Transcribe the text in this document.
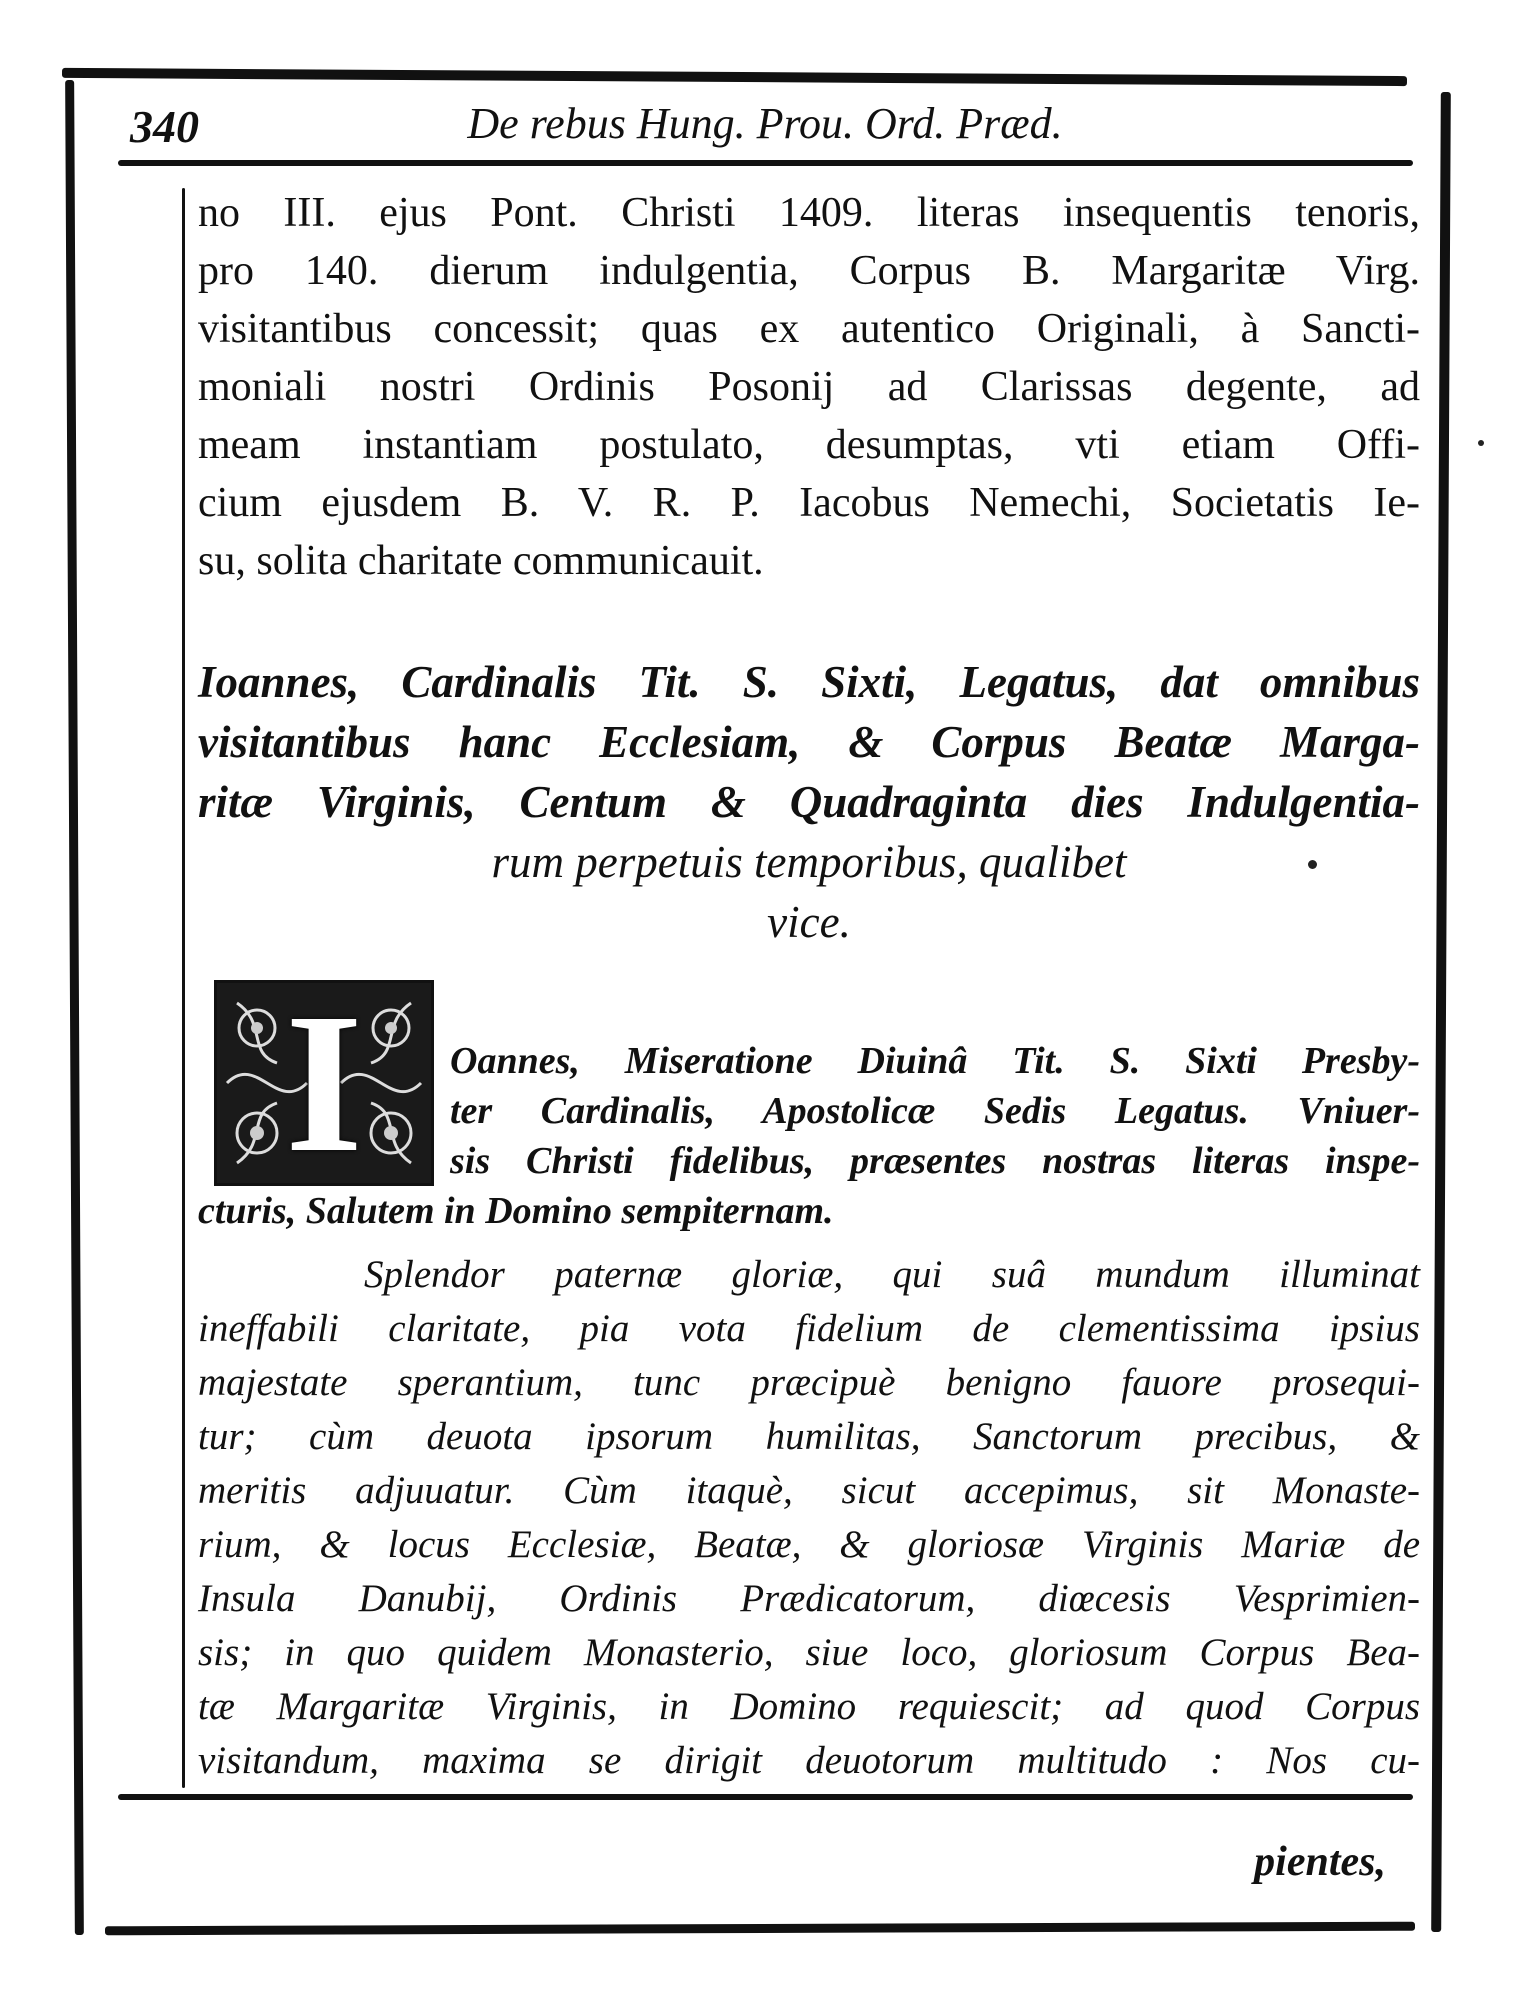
340	De rebus Hung. Prou. Ord. Præd.
no III. ejus Pont. Christi 1409. literas insequentis tenoris,
pro 140. dierum indulgentia, Corpus B. Margaritæ Virg.
visitantibus concessit; quas ex autentico Originali, à Sancti-
moniali nostri Ordinis Posonij ad Clarissas degente, ad
meam instantiam postulato, desumptas, vti etiam Offi-
cium ejusdem B. V. R. P. Iacobus Nemechi, Societatis Ie-
su, solita charitate communicauit.
Ioannes, Cardinalis Tit. S. Sixti, Legatus, dat omnibus
visitantibus hanc Ecclesiam, & Corpus Beatæ Marga-
ritæ Virginis, Centum & Quadraginta dies Indulgentia-
rum perpetuis temporibus, qualibet
vice.
I	Oannes, Miseratione Diuinâ Tit. S. Sixti Presby-
ter Cardinalis, Apostolicæ Sedis Legatus. Vniuer-
sis Christi fidelibus, præsentes nostras literas inspe-
cturis, Salutem in Domino sempiternam.
Splendor paternæ gloriæ, qui suâ mundum illuminat
ineffabili claritate, pia vota fidelium de clementissima ipsius
majestate sperantium, tunc præcipuè benigno fauore prosequi-
tur; cùm deuota ipsorum humilitas, Sanctorum precibus, &
meritis adjuuatur. Cùm itaquè, sicut accepimus, sit Monaste-
rium, & locus Ecclesiæ, Beatæ, & gloriosæ Virginis Mariæ de
Insula Danubij, Ordinis Prædicatorum, diœcesis Vesprimien-
sis; in quo quidem Monasterio, siue loco, gloriosum Corpus Bea-
tæ Margaritæ Virginis, in Domino requiescit; ad quod Corpus
visitandum, maxima se dirigit deuotorum multitudo : Nos cu-
pientes,
